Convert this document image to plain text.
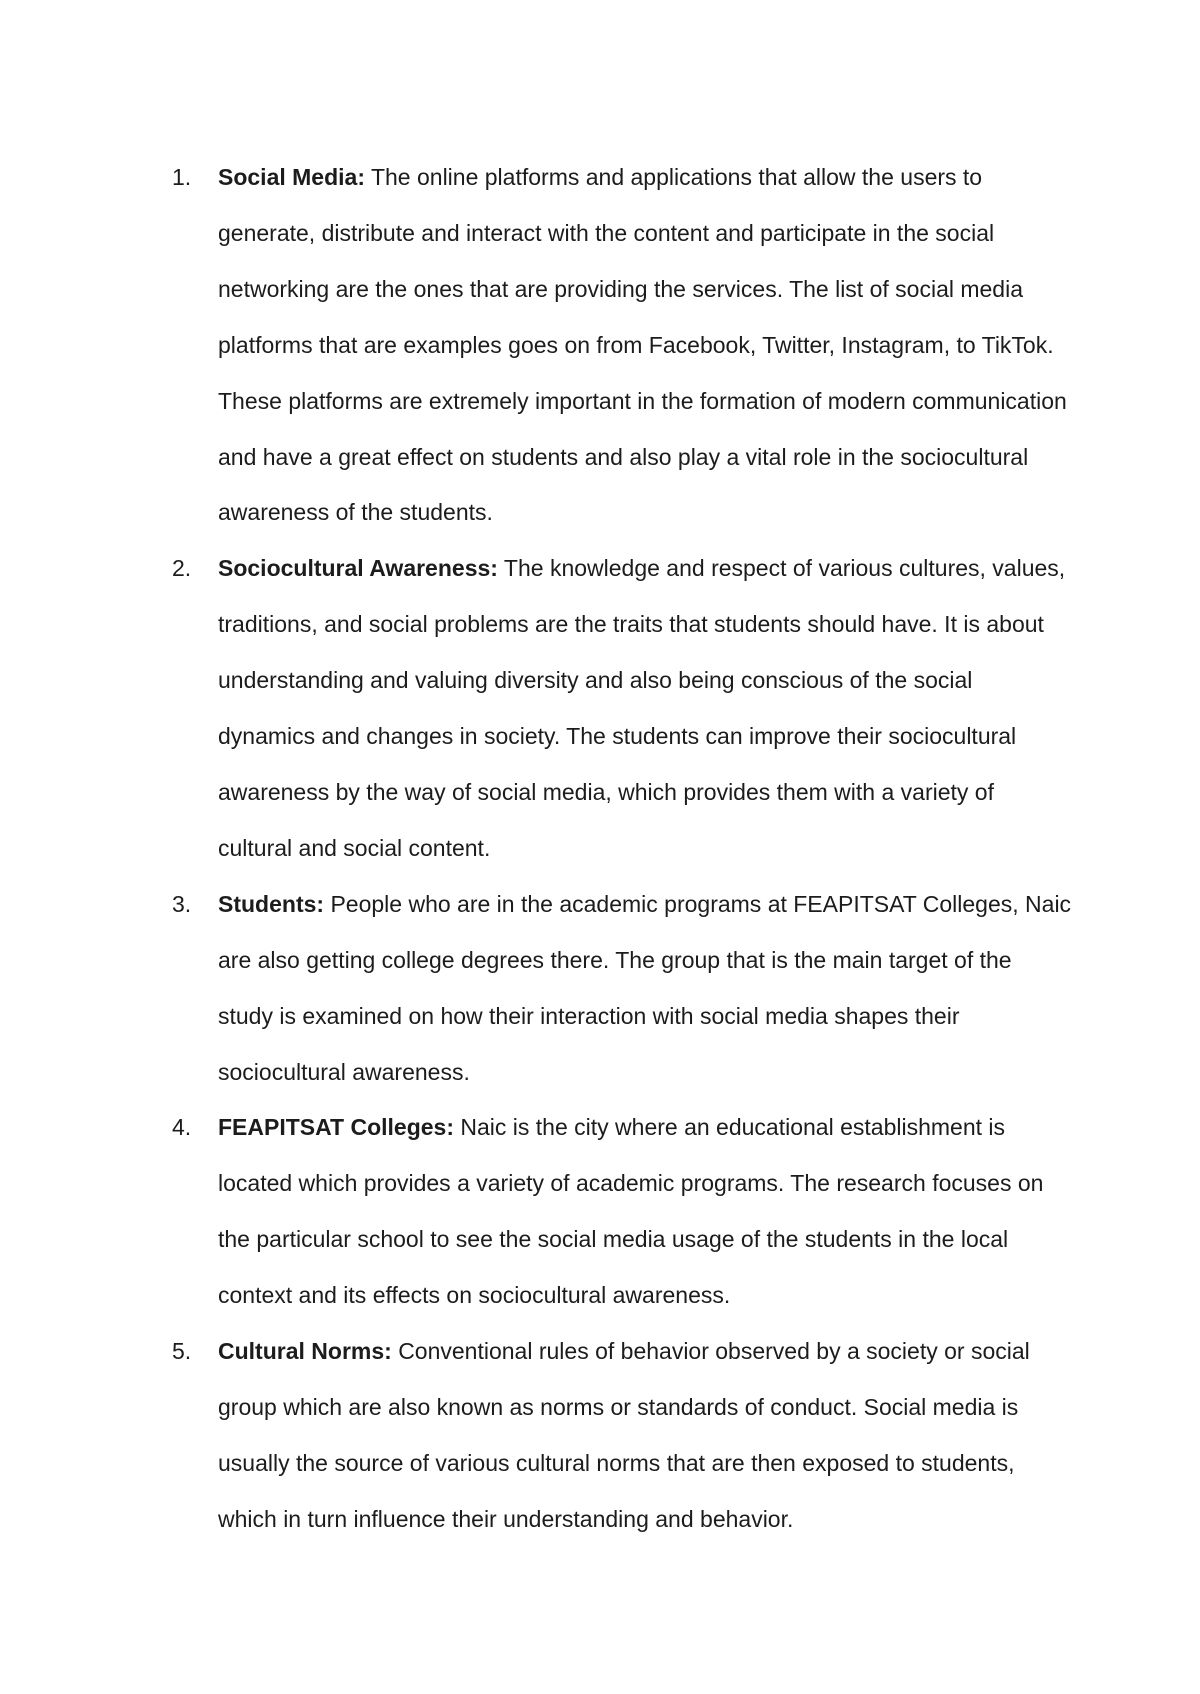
1. Social Media: The online platforms and applications that allow the users to generate, distribute and interact with the content and participate in the social networking are the ones that are providing the services. The list of social media platforms that are examples goes on from Facebook, Twitter, Instagram, to TikTok. These platforms are extremely important in the formation of modern communication and have a great effect on students and also play a vital role in the sociocultural awareness of the students.
2. Sociocultural Awareness: The knowledge and respect of various cultures, values, traditions, and social problems are the traits that students should have. It is about understanding and valuing diversity and also being conscious of the social dynamics and changes in society. The students can improve their sociocultural awareness by the way of social media, which provides them with a variety of cultural and social content.
3. Students: People who are in the academic programs at FEAPITSAT Colleges, Naic are also getting college degrees there. The group that is the main target of the study is examined on how their interaction with social media shapes their sociocultural awareness.
4. FEAPITSAT Colleges: Naic is the city where an educational establishment is located which provides a variety of academic programs. The research focuses on the particular school to see the social media usage of the students in the local context and its effects on sociocultural awareness.
5. Cultural Norms: Conventional rules of behavior observed by a society or social group which are also known as norms or standards of conduct. Social media is usually the source of various cultural norms that are then exposed to students, which in turn influence their understanding and behavior.
